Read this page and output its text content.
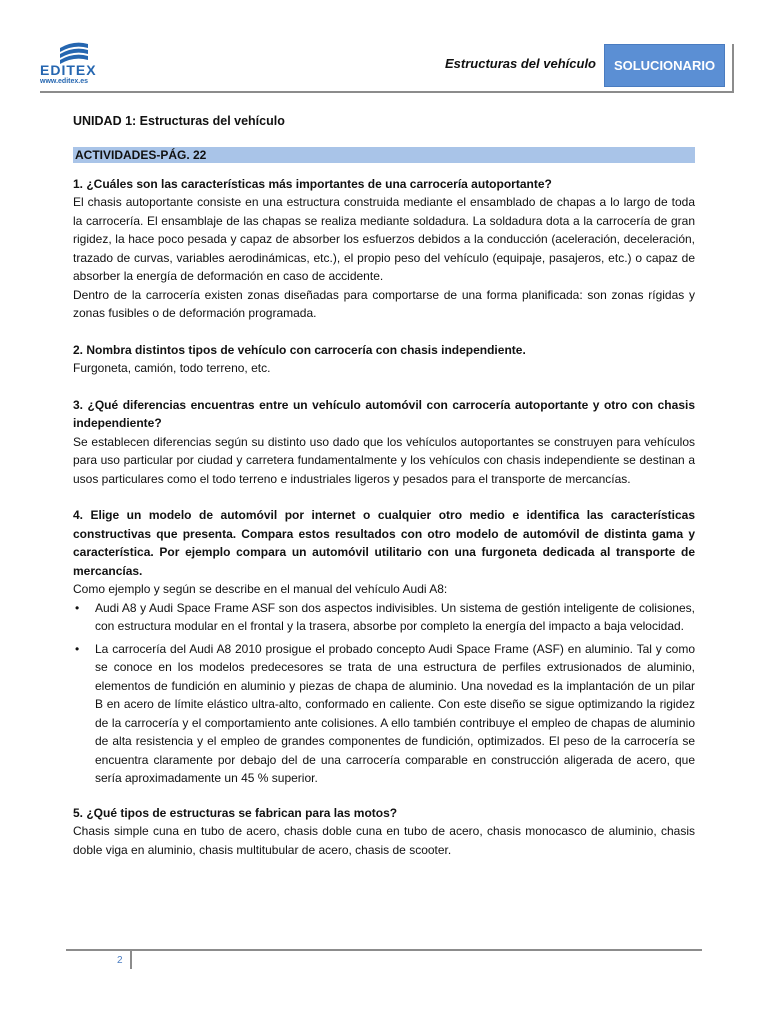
EDITEX
www.editex.es
Estructuras del vehículo	SOLUCIONARIO

UNIDAD 1: Estructuras del vehículo

ACTIVIDADES-PÁG. 22

1. ¿Cuáles son las características más importantes de una carrocería autoportante?

El chasis autoportante consiste en una estructura construida mediante el ensamblado de chapas a lo largo de toda la carrocería. El ensamblaje de las chapas se realiza mediante soldadura. La soldadura dota a la carrocería de gran rigidez, la hace poco pesada y capaz de absorber los esfuerzos debidos a la conducción (aceleración, deceleración, trazado de curvas, variables aerodinámicas, etc.), el propio peso del vehículo (equipaje, pasajeros, etc.) o capaz de absorber la energía de deformación en caso de accidente.

Dentro de la carrocería existen zonas diseñadas para comportarse de una forma planificada: son zonas rígidas y zonas fusibles o de deformación programada.

2. Nombra distintos tipos de vehículo con carrocería con chasis independiente.

Furgoneta, camión, todo terreno, etc.

3. ¿Qué diferencias encuentras entre un vehículo automóvil con carrocería autoportante y otro con chasis independiente?

Se establecen diferencias según su distinto uso dado que los vehículos autoportantes se construyen para vehículos para uso particular por ciudad y carretera fundamentalmente y los vehículos con chasis independiente se destinan a usos particulares como el todo terreno e industriales ligeros y pesados para el transporte de mercancías.

4. Elige un modelo de automóvil por internet o cualquier otro medio e identifica las características constructivas que presenta. Compara estos resultados con otro modelo de automóvil de distinta gama y característica. Por ejemplo compara un automóvil utilitario con una furgoneta dedicada al transporte de mercancías.

Como ejemplo y según se describe en el manual del vehículo Audi A8:

• Audi A8 y Audi Space Frame ASF son dos aspectos indivisibles. Un sistema de gestión inteligente de colisiones, con estructura modular en el frontal y la trasera, absorbe por completo la energía del impacto a baja velocidad.
• La carrocería del Audi A8 2010 prosigue el probado concepto Audi Space Frame (ASF) en aluminio. Tal y como se conoce en los modelos predecesores se trata de una estructura de perfiles extrusionados de aluminio, elementos de fundición en aluminio y piezas de chapa de aluminio. Una novedad es la implantación de un pilar B en acero de límite elástico ultra-alto, conformado en caliente. Con este diseño se sigue optimizando la rigidez de la carrocería y el comportamiento ante colisiones. A ello también contribuye el empleo de chapas de aluminio de alta resistencia y el empleo de grandes componentes de fundición, optimizados. El peso de la carrocería se encuentra claramente por debajo del de una carrocería comparable en construcción aligerada de acero, que sería aproximadamente un 45 % superior.

5. ¿Qué tipos de estructuras se fabrican para las motos?

Chasis simple cuna en tubo de acero, chasis doble cuna en tubo de acero, chasis monocasco de aluminio, chasis doble viga en aluminio, chasis multitubular de acero, chasis de scooter.

2
